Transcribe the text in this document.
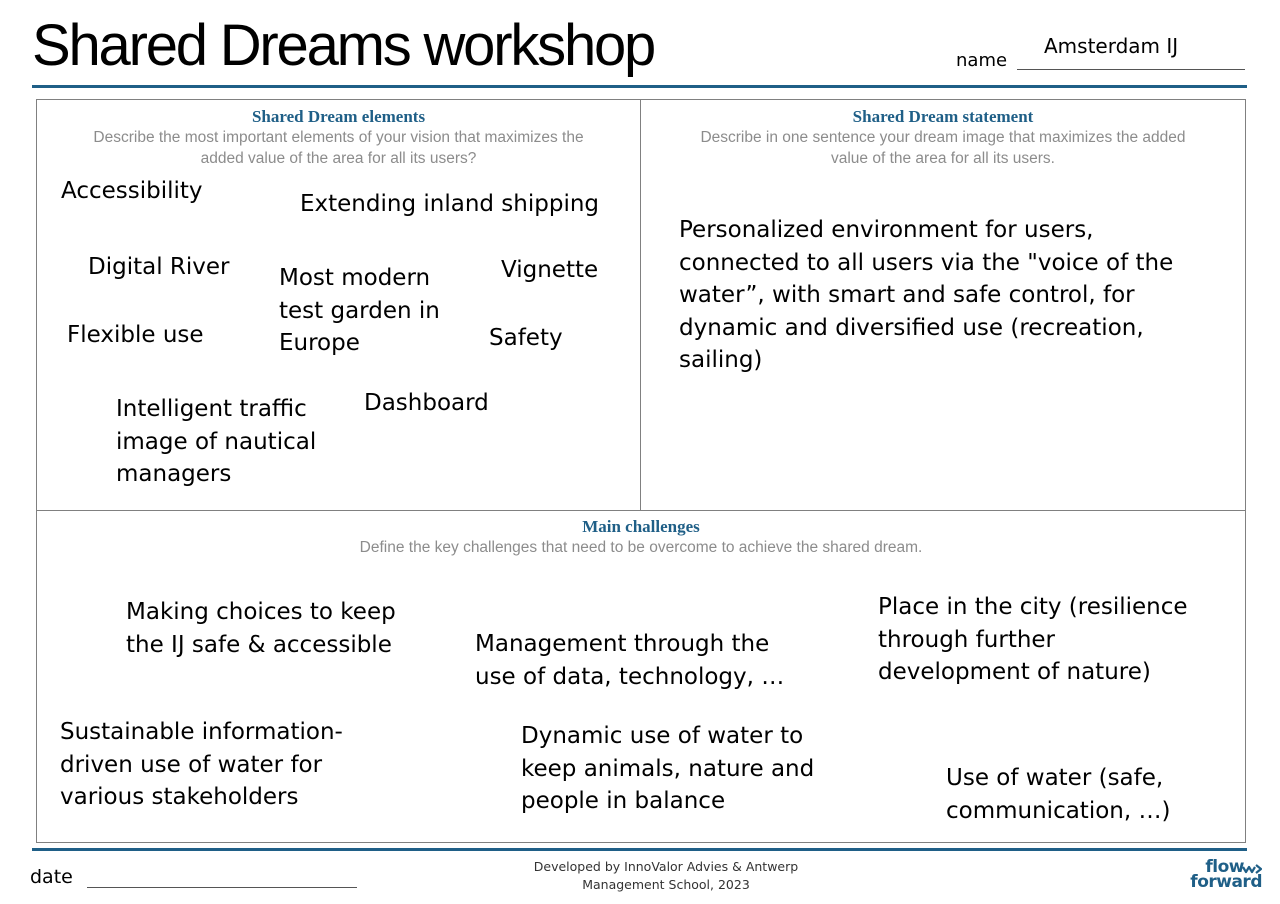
Shared Dreams workshop	name
Amsterdam IJ
Shared Dream elements
Describe the most important elements of your vision that maximizes the
added value of the area for all its users?
Shared Dream statement
Describe in one sentence your dream image that maximizes the added
value of the area for all its users.
Accessibility	Extending inland shipping
Digital River Most modern
test garden in
Europe
Vignette
Flexible use	Safety
Intelligent traffic
image of nautical
managers
Dashboard
Personalized environment for users,
connected to all users via the "voice of the
water”, with smart and safe control, for
dynamic and diversified use (recreation,
sailing)
Main challenges
Define the key challenges that need to be overcome to achieve the shared dream.
Making choices to keep
the IJ safe & accessible	Management through the
use of data, technology, …
Place in the city (resilience
through further
development of nature)
Sustainable information-
driven use of water for
various stakeholders
Dynamic use of water to
keep animals, nature and
people in balance
Use of water (safe,
communication, …)
date	Developed by InnoValor Advies & Antwerp
Management School, 2023
flow
forward
